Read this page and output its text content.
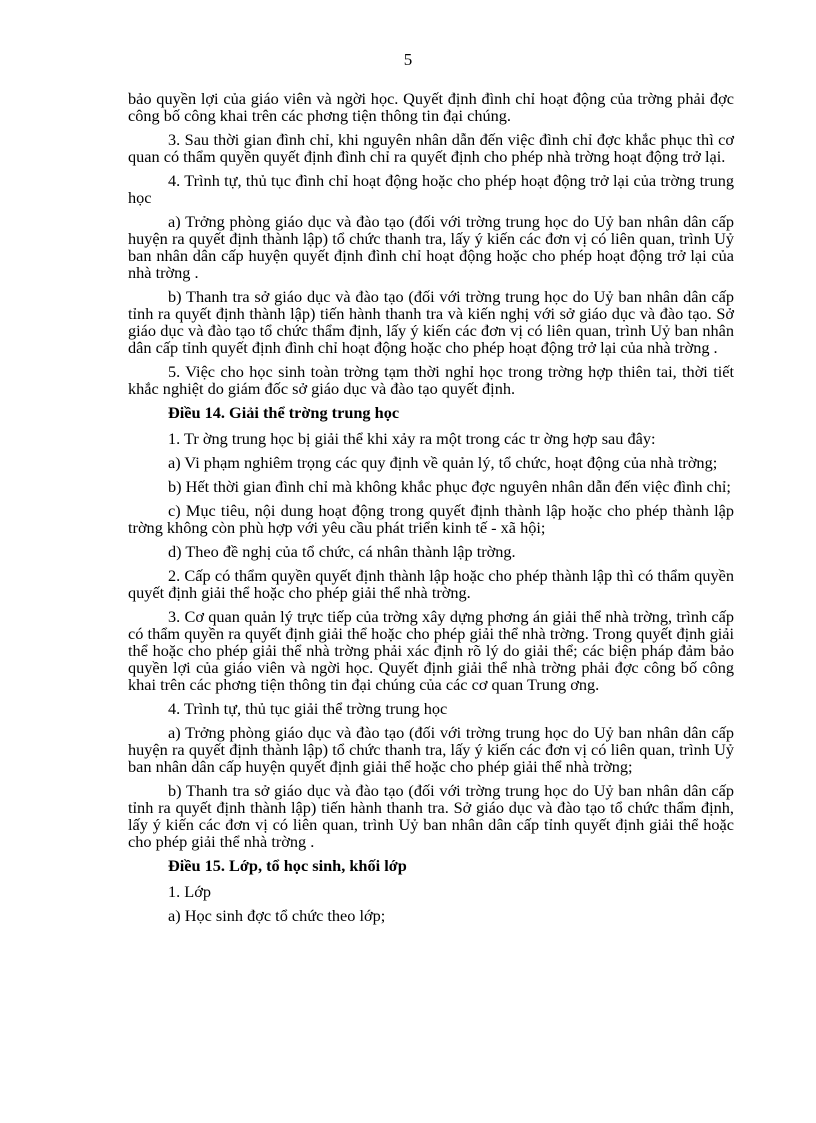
5

bảo quyền lợi của giáo viên và ngời học. Quyết định đình chỉ hoạt động của trờng phải đợc công bố công khai trên các phơng tiện thông tin đại chúng.

3. Sau thời gian đình chỉ, khi nguyên nhân dẫn đến việc đình chỉ đợc khắc phục thì cơ quan có thẩm quyền quyết định đình chỉ ra quyết định cho phép nhà trờng hoạt động trở lại.

4. Trình tự, thủ tục đình chỉ hoạt động hoặc cho phép hoạt động trở lại của trờng trung học

a) Trởng phòng giáo dục và đào tạo (đối với trờng trung học do Uỷ ban nhân dân cấp huyện ra quyết định thành lập) tổ chức thanh tra, lấy ý kiến các đơn vị có liên quan, trình Uỷ ban nhân dân cấp huyện quyết định đình chỉ hoạt động hoặc cho phép hoạt động trở lại của nhà trờng .

b) Thanh tra sở giáo dục và đào tạo (đối với trờng trung học do Uỷ ban nhân dân cấp tỉnh ra quyết định thành lập) tiến hành thanh tra và kiến nghị với sở giáo dục và đào tạo. Sở giáo dục và đào tạo tổ chức thẩm định, lấy ý kiến các đơn vị có liên quan, trình Uỷ ban nhân dân cấp tỉnh quyết định đình chỉ hoạt động hoặc cho phép hoạt động trở lại của nhà trờng .

5. Việc cho học sinh toàn trờng tạm thời nghỉ học trong trờng hợp thiên tai, thời tiết khắc nghiệt do giám đốc sở giáo dục và đào tạo quyết định.

Điều 14. Giải thể trờng trung học

1. Tr ờng trung học bị giải thể khi xảy ra một trong các tr ờng hợp sau đây:

a) Vi phạm nghiêm trọng các quy định về quản lý, tổ chức, hoạt động của nhà trờng;

b) Hết thời gian đình chỉ mà không khắc phục đợc nguyên nhân dẫn đến việc đình chỉ;

c) Mục tiêu, nội dung hoạt động trong quyết định thành lập hoặc cho phép thành lập trờng không còn phù hợp với yêu cầu phát triển kinh tế - xã hội;

d) Theo đề nghị của tổ chức, cá nhân thành lập trờng.

2. Cấp có thẩm quyền quyết định thành lập hoặc cho phép thành lập thì có thẩm quyền quyết định giải thể hoặc cho phép giải thể nhà trờng.

3. Cơ quan quản lý trực tiếp của trờng xây dựng phơng án giải thể nhà trờng, trình cấp có thẩm quyền ra quyết định giải thể hoặc cho phép giải thể nhà trờng. Trong quyết định giải thể hoặc cho phép giải thể nhà trờng phải xác định rõ lý do giải thể; các biện pháp đảm bảo quyền lợi của giáo viên và ngời học. Quyết định giải thể nhà trờng phải đợc công bố công khai trên các phơng tiện thông tin đại chúng của các cơ quan Trung ơng.

4. Trình tự, thủ tục giải thể trờng trung học

a) Trởng phòng giáo dục và đào tạo (đối với trờng trung học do Uỷ ban nhân dân cấp huyện ra quyết định thành lập) tổ chức thanh tra, lấy ý kiến các đơn vị có liên quan, trình Uỷ ban nhân dân cấp huyện quyết định giải thể hoặc cho phép giải thể nhà trờng;

b) Thanh tra sở giáo dục và đào tạo (đối với trờng trung học do Uỷ ban nhân dân cấp tỉnh ra quyết định thành lập) tiến hành thanh tra. Sở giáo dục và đào tạo tổ chức thẩm định, lấy ý kiến các đơn vị có liên quan, trình Uỷ ban nhân dân cấp tỉnh quyết định giải thể hoặc cho phép giải thể nhà trờng .

Điều 15. Lớp, tổ học sinh, khối lớp

1. Lớp

a) Học sinh đợc tổ chức theo lớp;
